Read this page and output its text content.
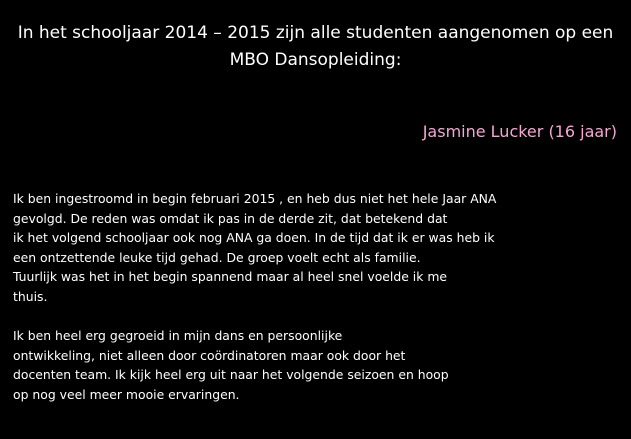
In het schooljaar 2014 – 2015 zijn alle studenten aangenomen op een
MBO Dansopleiding:
Jasmine Lucker (16 jaar)
Ik ben ingestroomd in begin februari 2015 , en heb dus niet het hele Jaar ANA
gevolgd. De reden was omdat ik pas in de derde zit, dat betekend dat
ik het volgend schooljaar ook nog ANA ga doen. In de tijd dat ik er was heb ik
een ontzettende leuke tijd gehad. De groep voelt echt als familie.
Tuurlijk was het in het begin spannend maar al heel snel voelde ik me
thuis.
Ik ben heel erg gegroeid in mijn dans en persoonlijke
ontwikkeling, niet alleen door coördinatoren maar ook door het
docenten team. Ik kijk heel erg uit naar het volgende seizoen en hoop
op nog veel meer mooie ervaringen.
